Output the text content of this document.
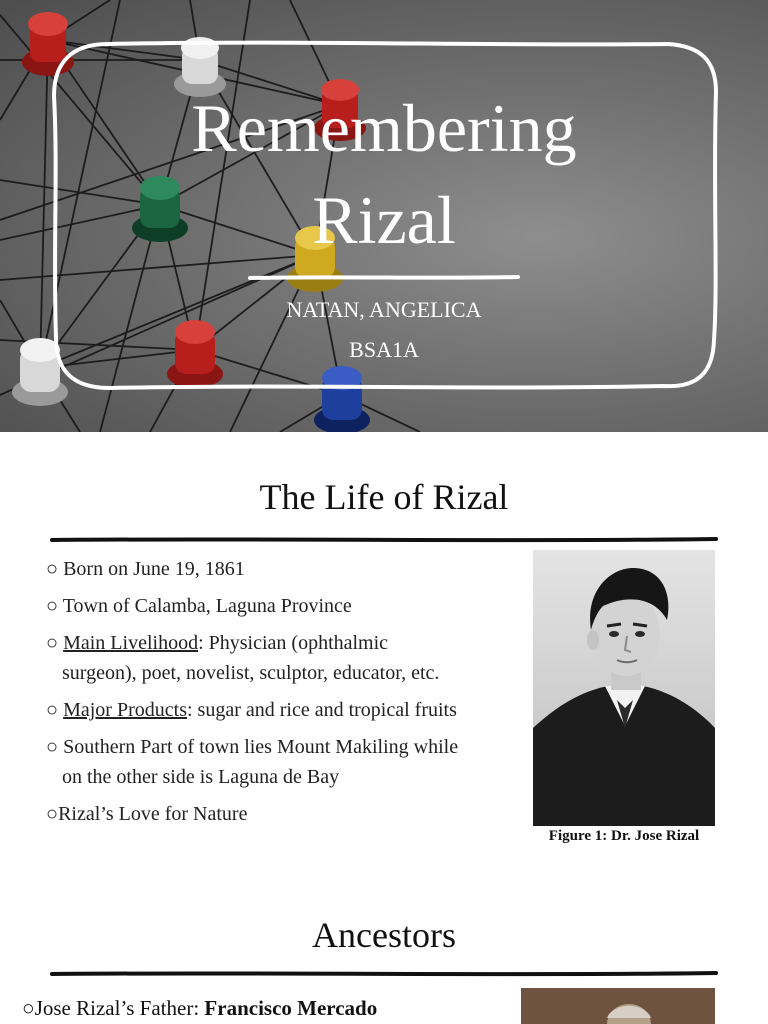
Remembering
Rizal
NATAN, ANGELICA
BSA1A
The Life of Rizal

○ Born on June 19, 1861

○ Town of Calamba, Laguna Province

○ Main Livelihood: Physician (ophthalmic
surgeon), poet, novelist, sculptor, educator, etc.

○ Major Products: sugar and rice and tropical fruits

○ Southern Part of town lies Mount Makiling while
on the other side is Laguna de Bay

○Rizal’s Love for Nature

Figure 1: Dr. Jose Rizal
Ancestors
○Jose Rizal’s Father: Francisco Mercado
